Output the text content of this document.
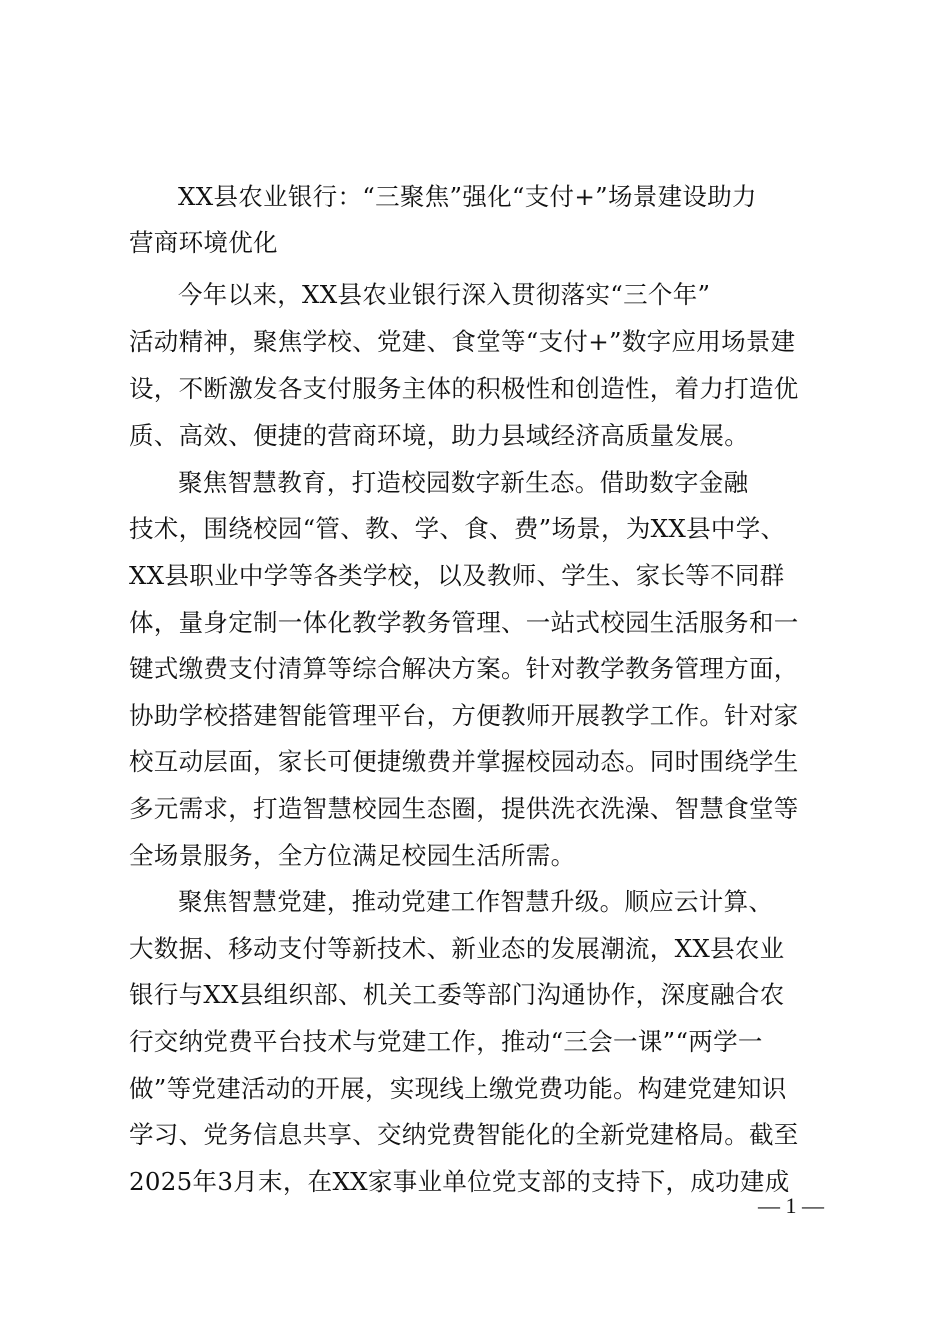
XX县农业银行：“三聚焦”强化“支付+”场景建设助力
营商环境优化
今年以来，XX县农业银行深入贯彻落实“三个年”
活动精神，聚焦学校、党建、食堂等“支付+”数字应用场景建
设，不断激发各支付服务主体的积极性和创造性，着力打造优
质、高效、便捷的营商环境，助力县域经济高质量发展。
聚焦智慧教育，打造校园数字新生态。借助数字金融
技术，围绕校园“管、教、学、食、费”场景，为XX县中学、
XX县职业中学等各类学校，以及教师、学生、家长等不同群
体，量身定制一体化教学教务管理、一站式校园生活服务和一
键式缴费支付清算等综合解决方案。针对教学教务管理方面，
协助学校搭建智能管理平台，方便教师开展教学工作。针对家
校互动层面，家长可便捷缴费并掌握校园动态。同时围绕学生
多元需求，打造智慧校园生态圈，提供洗衣洗澡、智慧食堂等
全场景服务，全方位满足校园生活所需。
聚焦智慧党建，推动党建工作智慧升级。顺应云计算、
大数据、移动支付等新技术、新业态的发展潮流，XX县农业
银行与XX县组织部、机关工委等部门沟通协作，深度融合农
行交纳党费平台技术与党建工作，推动“三会一课”“两学一
做”等党建活动的开展，实现线上缴党费功能。构建党建知识
学习、党务信息共享、交纳党费智能化的全新党建格局。截至
2025年3月末，在XX家事业单位党支部的支持下，成功建成
— 1 —
